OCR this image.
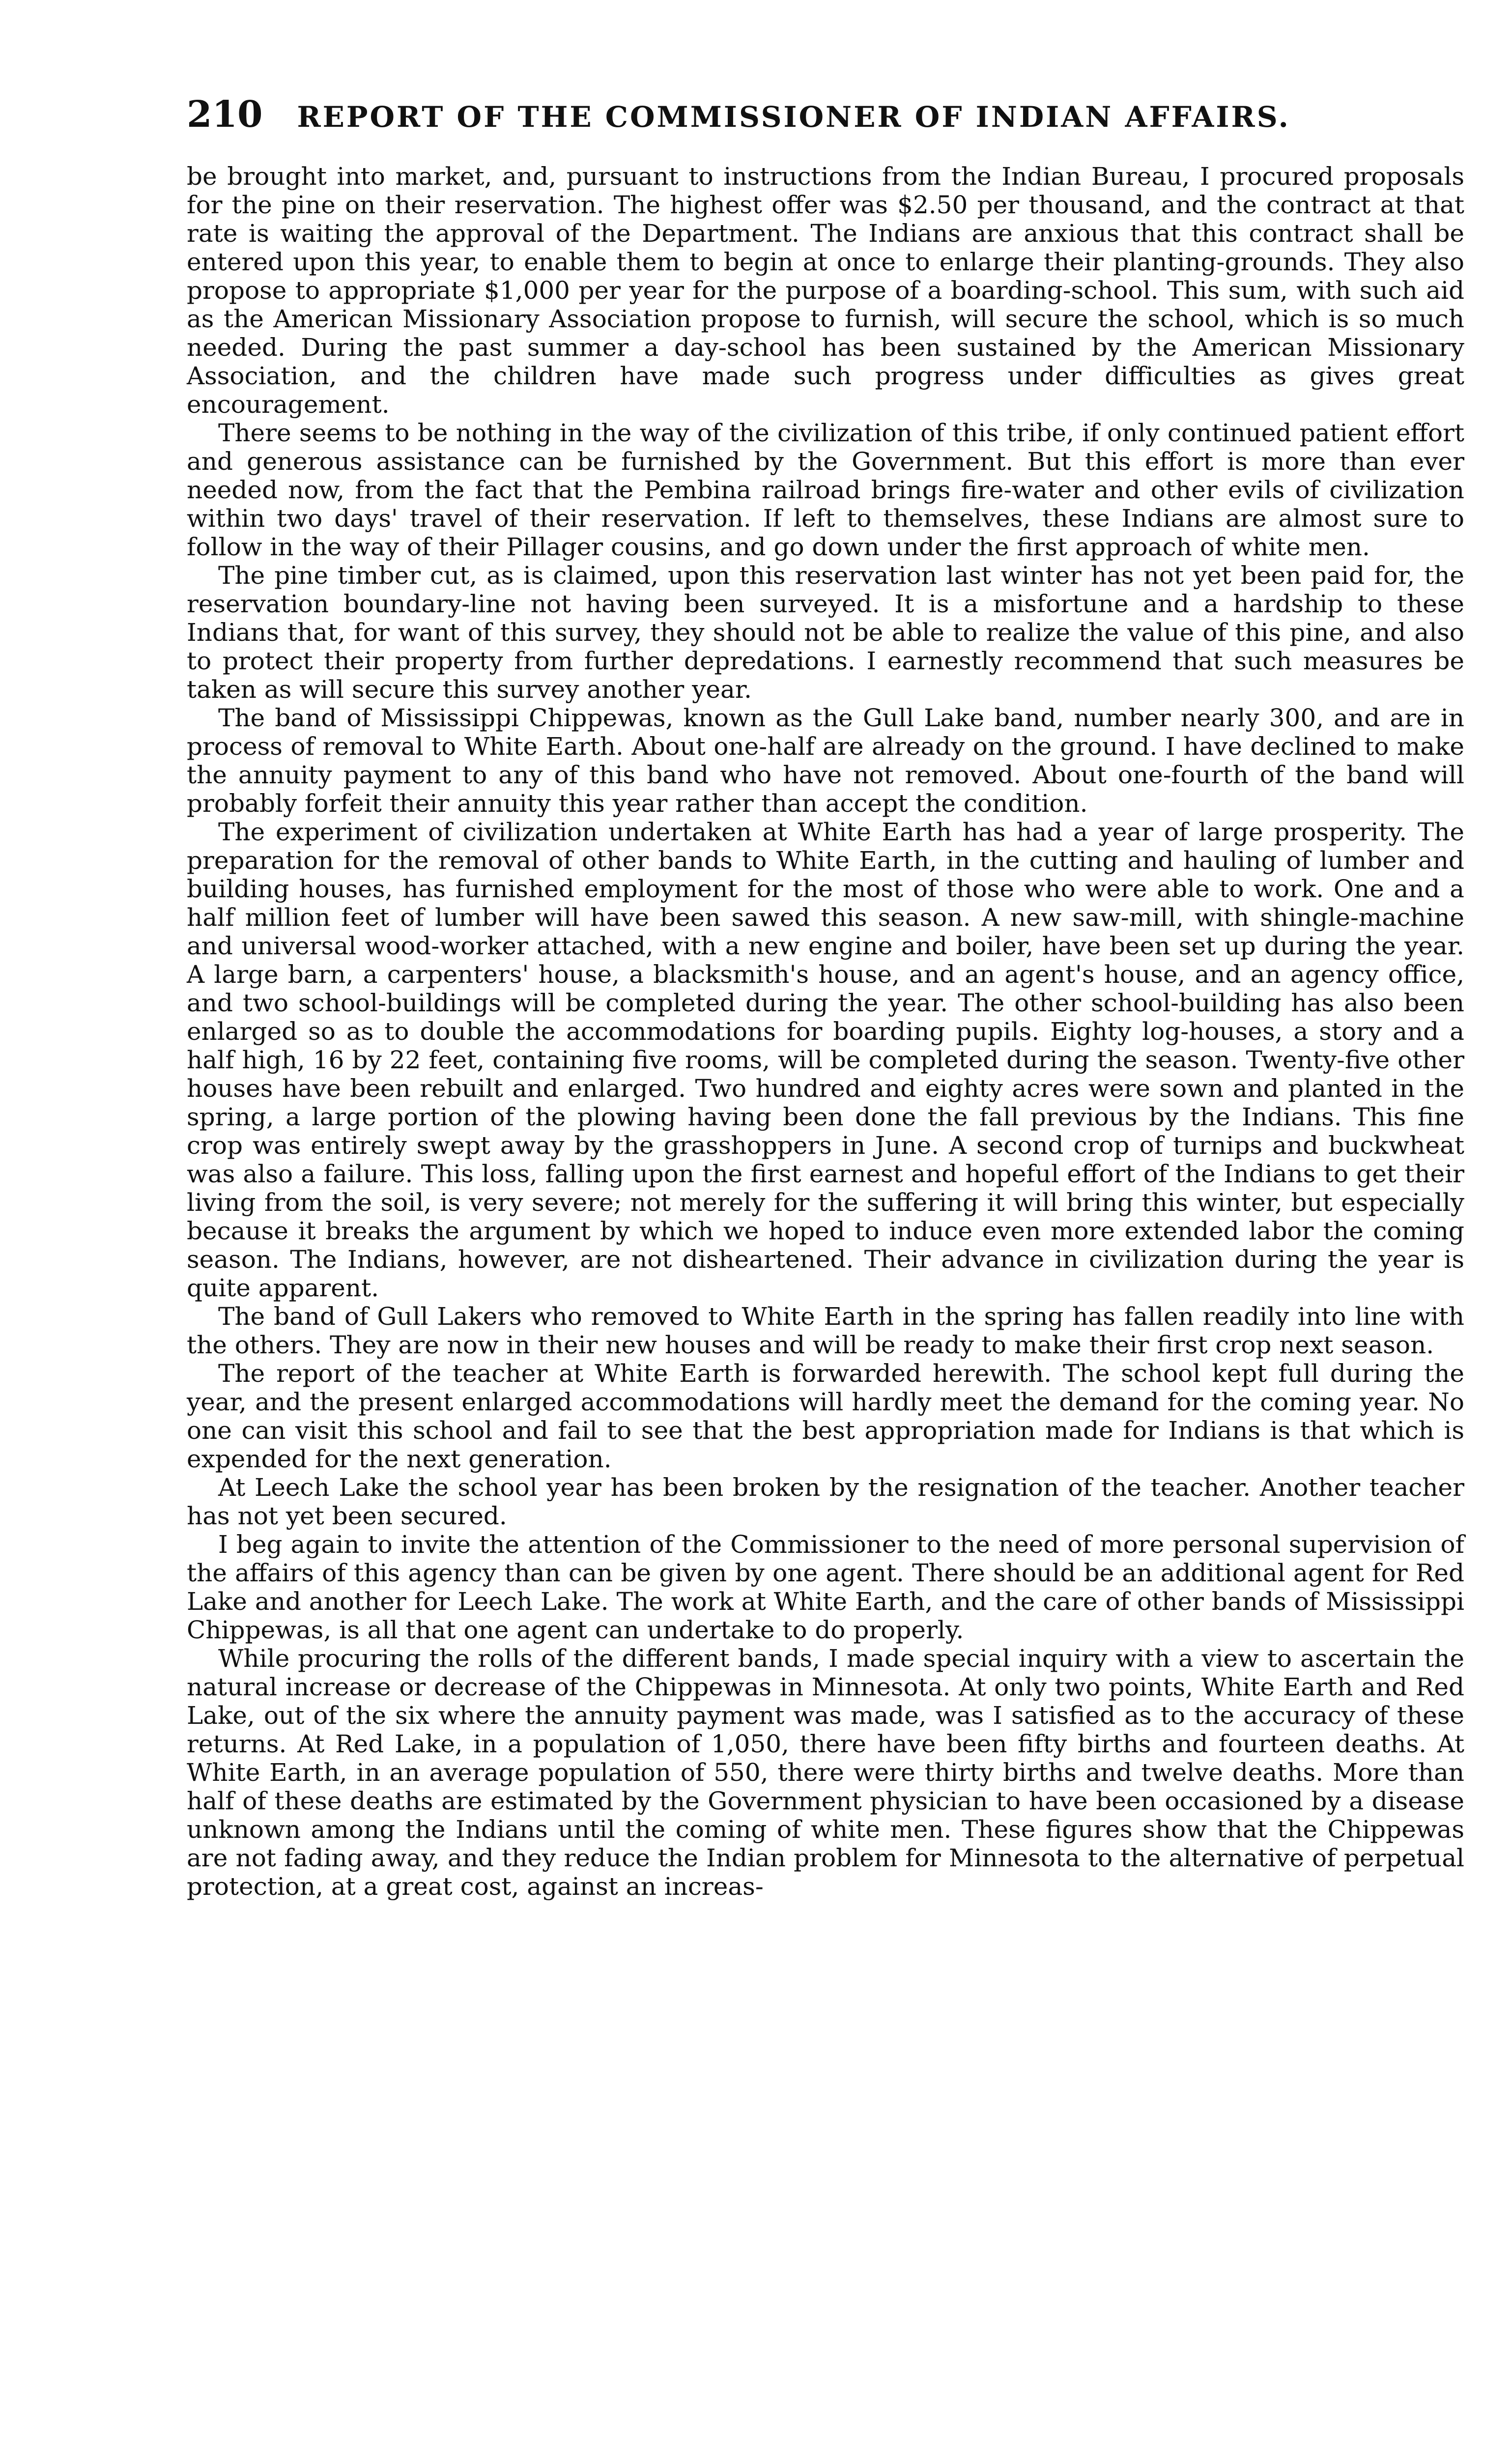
210 REPORT OF THE COMMISSIONER OF INDIAN AFFAIRS.

be brought into market, and, pursuant to instructions from the Indian Bureau, I procured proposals for the pine on their reservation. The highest offer was $2.50 per thousand, and the contract at that rate is waiting the approval of the Department. The Indians are anxious that this contract shall be entered upon this year, to enable them to begin at once to enlarge their planting-grounds. They also propose to appropriate $1,000 per year for the purpose of a boarding-school. This sum, with such aid as the American Missionary Association propose to furnish, will secure the school, which is so much needed. During the past summer a day-school has been sustained by the American Missionary Association, and the children have made such progress under difficulties as gives great encouragement.

There seems to be nothing in the way of the civilization of this tribe, if only continued patient effort and generous assistance can be furnished by the Government. But this effort is more than ever needed now, from the fact that the Pembina railroad brings fire-water and other evils of civilization within two days' travel of their reservation. If left to themselves, these Indians are almost sure to follow in the way of their Pillager cousins, and go down under the first approach of white men.

The pine timber cut, as is claimed, upon this reservation last winter has not yet been paid for, the reservation boundary-line not having been surveyed. It is a misfortune and a hardship to these Indians that, for want of this survey, they should not be able to realize the value of this pine, and also to protect their property from further depredations. I earnestly recommend that such measures be taken as will secure this survey another year.

The band of Mississippi Chippewas, known as the Gull Lake band, number nearly 300, and are in process of removal to White Earth. About one-half are already on the ground. I have declined to make the annuity payment to any of this band who have not removed. About one-fourth of the band will probably forfeit their annuity this year rather than accept the condition.

The experiment of civilization undertaken at White Earth has had a year of large prosperity. The preparation for the removal of other bands to White Earth, in the cutting and hauling of lumber and building houses, has furnished employment for the most of those who were able to work. One and a half million feet of lumber will have been sawed this season. A new saw-mill, with shingle-machine and universal wood-worker attached, with a new engine and boiler, have been set up during the year. A large barn, a carpenters' house, a blacksmith's house, and an agent's house, and an agency office, and two school-buildings will be completed during the year. The other school-building has also been enlarged so as to double the accommodations for boarding pupils. Eighty log-houses, a story and a half high, 16 by 22 feet, containing five rooms, will be completed during the season. Twenty-five other houses have been rebuilt and enlarged. Two hundred and eighty acres were sown and planted in the spring, a large portion of the plowing having been done the fall previous by the Indians. This fine crop was entirely swept away by the grasshoppers in June. A second crop of turnips and buckwheat was also a failure. This loss, falling upon the first earnest and hopeful effort of the Indians to get their living from the soil, is very severe; not merely for the suffering it will bring this winter, but especially because it breaks the argument by which we hoped to induce even more extended labor the coming season. The Indians, however, are not disheartened. Their advance in civilization during the year is quite apparent.

The band of Gull Lakers who removed to White Earth in the spring has fallen readily into line with the others. They are now in their new houses and will be ready to make their first crop next season.

The report of the teacher at White Earth is forwarded herewith. The school kept full during the year, and the present enlarged accommodations will hardly meet the demand for the coming year. No one can visit this school and fail to see that the best appropriation made for Indians is that which is expended for the next generation.

At Leech Lake the school year has been broken by the resignation of the teacher. Another teacher has not yet been secured.

I beg again to invite the attention of the Commissioner to the need of more personal supervision of the affairs of this agency than can be given by one agent. There should be an additional agent for Red Lake and another for Leech Lake. The work at White Earth, and the care of other bands of Mississippi Chippewas, is all that one agent can undertake to do properly.

While procuring the rolls of the different bands, I made special inquiry with a view to ascertain the natural increase or decrease of the Chippewas in Minnesota. At only two points, White Earth and Red Lake, out of the six where the annuity payment was made, was I satisfied as to the accuracy of these returns. At Red Lake, in a population of 1,050, there have been fifty births and fourteen deaths. At White Earth, in an average population of 550, there were thirty births and twelve deaths. More than half of these deaths are estimated by the Government physician to have been occasioned by a disease unknown among the Indians until the coming of white men. These figures show that the Chippewas are not fading away, and they reduce the Indian problem for Minnesota to the alternative of perpetual protection, at a great cost, against an increas-
